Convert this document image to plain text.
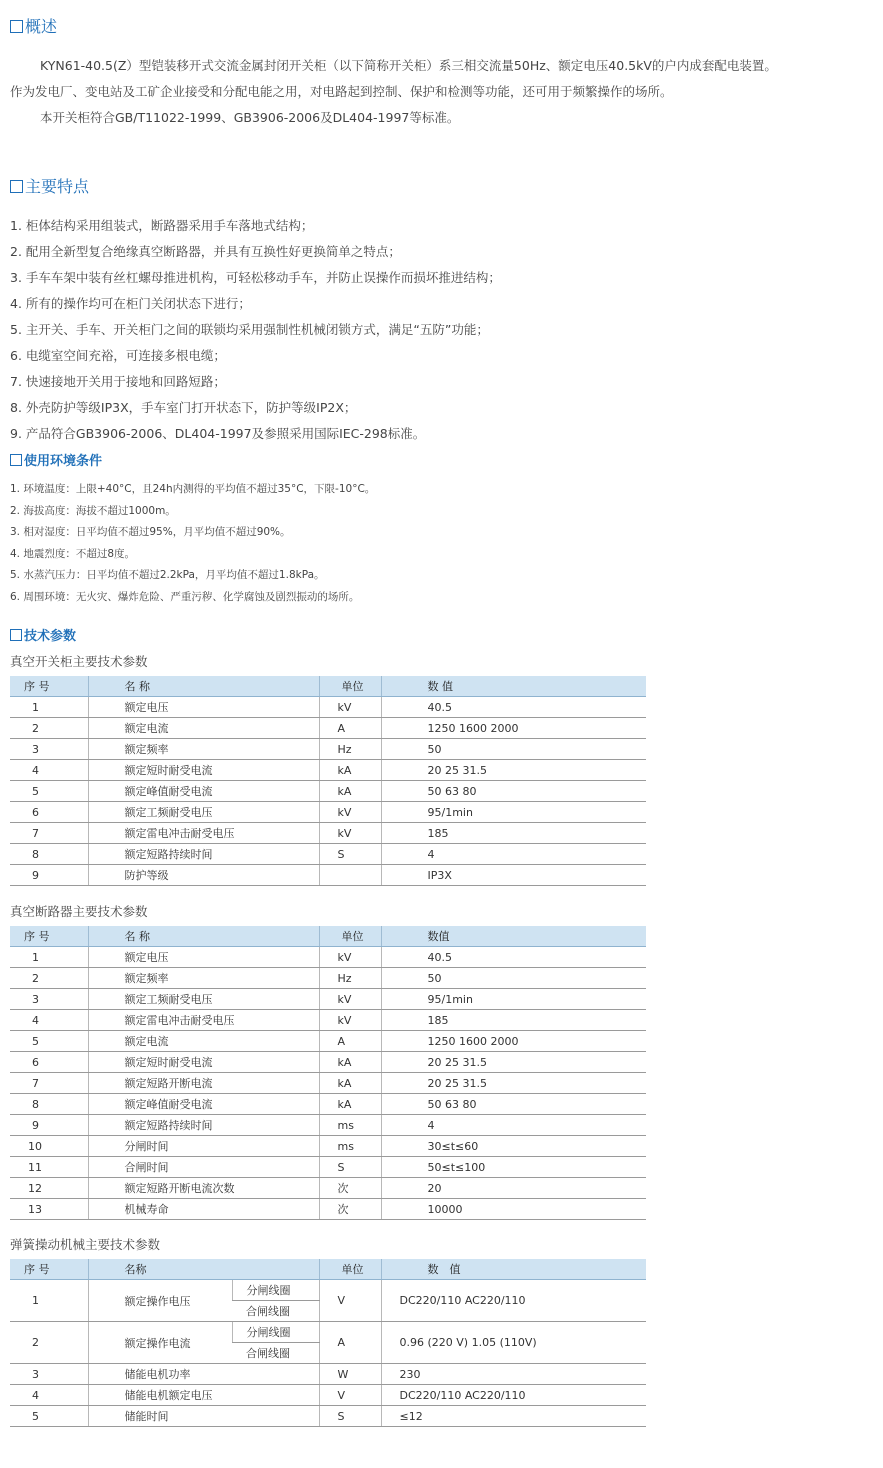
概述
KYN61-40.5(Z）型铠装移开式交流金属封闭开关柜（以下简称开关柜）系三相交流量50Hz、额定电压40.5kV的户内成套配电装置。
作为发电厂、变电站及工矿企业接受和分配电能之用，对电路起到控制、保护和检测等功能，还可用于频繁操作的场所。
本开关柜符合GB/T11022-1999、GB3906-2006及DL404-1997等标准。
主要特点
1. 柜体结构采用组装式，断路器采用手车落地式结构；
2. 配用全新型复合绝缘真空断路器，并具有互换性好更换简单之特点；
3. 手车车架中装有丝杠螺母推进机构，可轻松移动手车，并防止误操作而损坏推进结构；
4. 所有的操作均可在柜门关闭状态下进行；
5. 主开关、手车、开关柜门之间的联锁均采用强制性机械闭锁方式，满足“五防”功能；
6. 电缆室空间充裕，可连接多根电缆；
7. 快速接地开关用于接地和回路短路；
8. 外壳防护等级IP3X，手车室门打开状态下，防护等级IP2X；
9. 产品符合GB3906-2006、DL404-1997及参照采用国际IEC-298标准。
使用环境条件
1. 环境温度：上限+40°C，且24h内测得的平均值不超过35°C，下限-10°C。
2. 海拔高度：海拔不超过1000m。
3. 相对湿度：日平均值不超过95%，月平均值不超过90%。
4. 地震烈度：不超过8度。
5. 水蒸汽压力：日平均值不超过2.2kPa，月平均值不超过1.8kPa。
6. 周围环境：无火灾、爆炸危险、严重污秽、化学腐蚀及剧烈振动的场所。
技术参数
真空开关柜主要技术参数
序 号	名 称	单位	数 值
1	额定电压	kV	40.5
2	额定电流	A	1250 1600 2000
3	额定频率	Hz	50
4	额定短时耐受电流	kA	20 25 31.5
5	额定峰值耐受电流	kA	50 63 80
6	额定工频耐受电压	kV	95/1min
7	额定雷电冲击耐受电压	kV	185
8	额定短路持续时间	S	4
9	防护等级		IP3X
真空断路器主要技术参数
序 号	名 称	单位	数值
1	额定电压	kV	40.5
2	额定频率	Hz	50
3	额定工频耐受电压	kV	95/1min
4	额定雷电冲击耐受电压	kV	185
5	额定电流	A	1250 1600 2000
6	额定短时耐受电流	kA	20 25 31.5
7	额定短路开断电流	kA	20 25 31.5
8	额定峰值耐受电流	kA	50 63 80
9	额定短路持续时间	ms	4
10	分闸时间	ms	30≤t≤60
11	合闸时间	S	50≤t≤100
12	额定短路开断电流次数	次	20
13	机械寿命	次	10000
弹簧操动机械主要技术参数
序 号	名称		单位	数　值
1	额定操作电压	分闸线圈	V	DC220/110 AC220/110
		合闸线圈		
2	额定操作电流	分闸线圈	A	0.96 (220 V) 1.05 (110V)
		合闸线圈		
3	储能电机功率		W	230
4	储能电机额定电压		V	DC220/110 AC220/110
5	储能时间		S	≤12
